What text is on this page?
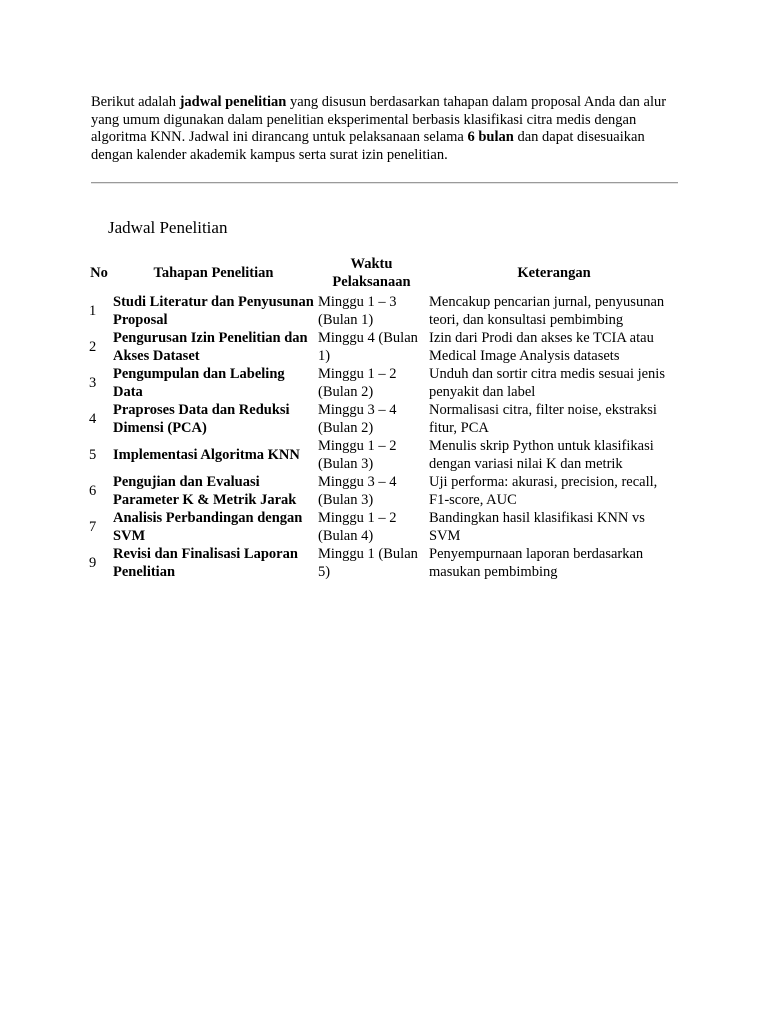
Berikut adalah jadwal penelitian yang disusun berdasarkan tahapan dalam proposal Anda dan alur yang umum digunakan dalam penelitian eksperimental berbasis klasifikasi citra medis dengan algoritma KNN. Jadwal ini dirancang untuk pelaksanaan selama 6 bulan dan dapat disesuaikan dengan kalender akademik kampus serta surat izin penelitian.

Jadwal Penelitian
No	Tahapan Penelitian	Waktu Pelaksanaan	Keterangan
1	Studi Literatur dan Penyusunan Proposal	Minggu 1 – 3 (Bulan 1)	Mencakup pencarian jurnal, penyusunan teori, dan konsultasi pembimbing
2	Pengurusan Izin Penelitian dan Akses Dataset	Minggu 4 (Bulan 1)	Izin dari Prodi dan akses ke TCIA atau Medical Image Analysis datasets
3	Pengumpulan dan Labeling Data	Minggu 1 – 2 (Bulan 2)	Unduh dan sortir citra medis sesuai jenis penyakit dan label
4	Praproses Data dan Reduksi Dimensi (PCA)	Minggu 3 – 4 (Bulan 2)	Normalisasi citra, filter noise, ekstraksi fitur, PCA
5	Implementasi Algoritma KNN	Minggu 1 – 2 (Bulan 3)	Menulis skrip Python untuk klasifikasi dengan variasi nilai K dan metrik
6	Pengujian dan Evaluasi Parameter K & Metrik Jarak	Minggu 3 – 4 (Bulan 3)	Uji performa: akurasi, precision, recall, F1-score, AUC
7	Analisis Perbandingan dengan SVM	Minggu 1 – 2 (Bulan 4)	Bandingkan hasil klasifikasi KNN vs SVM
9	Revisi dan Finalisasi Laporan Penelitian	Minggu 1 (Bulan 5)	Penyempurnaan laporan berdasarkan masukan pembimbing
